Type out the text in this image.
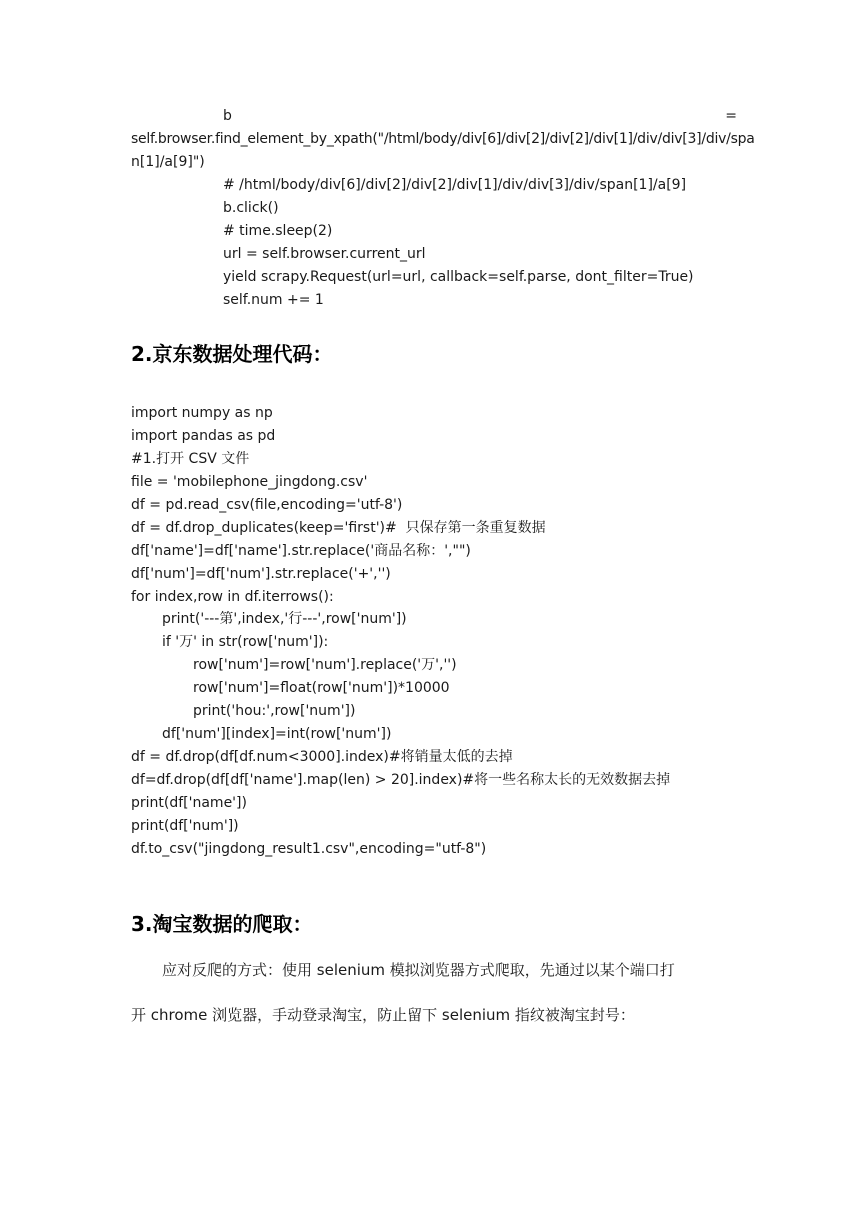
b	=
self.browser.find_element_by_xpath("/html/body/div[6]/div[2]/div[2]/div[1]/div/div[3]/div/spa
n[1]/a[9]")
# /html/body/div[6]/div[2]/div[2]/div[1]/div/div[3]/div/span[1]/a[9]
b.click()
# time.sleep(2)
url = self.browser.current_url
yield scrapy.Request(url=url, callback=self.parse, dont_filter=True)
self.num += 1
2.京东数据处理代码：
import numpy as np
import pandas as pd
#1.打开 CSV 文件
file = 'mobilephone_jingdong.csv'
df = pd.read_csv(file,encoding='utf-8')
df = df.drop_duplicates(keep='first')#  只保存第一条重复数据
df['name']=df['name'].str.replace('商品名称：',"")
df['num']=df['num'].str.replace('+','')
for index,row in df.iterrows():
print('---第',index,'行---',row['num'])
if '万' in str(row['num']):
row['num']=row['num'].replace('万','')
row['num']=float(row['num'])*10000
print('hou:',row['num'])
df['num'][index]=int(row['num'])
df = df.drop(df[df.num<3000].index)#将销量太低的去掉
df=df.drop(df[df['name'].map(len) > 20].index)#将一些名称太长的无效数据去掉
print(df['name'])
print(df['num'])
df.to_csv("jingdong_result1.csv",encoding="utf-8")
3.淘宝数据的爬取：
应对反爬的方式：使用 selenium 模拟浏览器方式爬取，先通过以某个端口打
开 chrome 浏览器，手动登录淘宝，防止留下 selenium 指纹被淘宝封号：
